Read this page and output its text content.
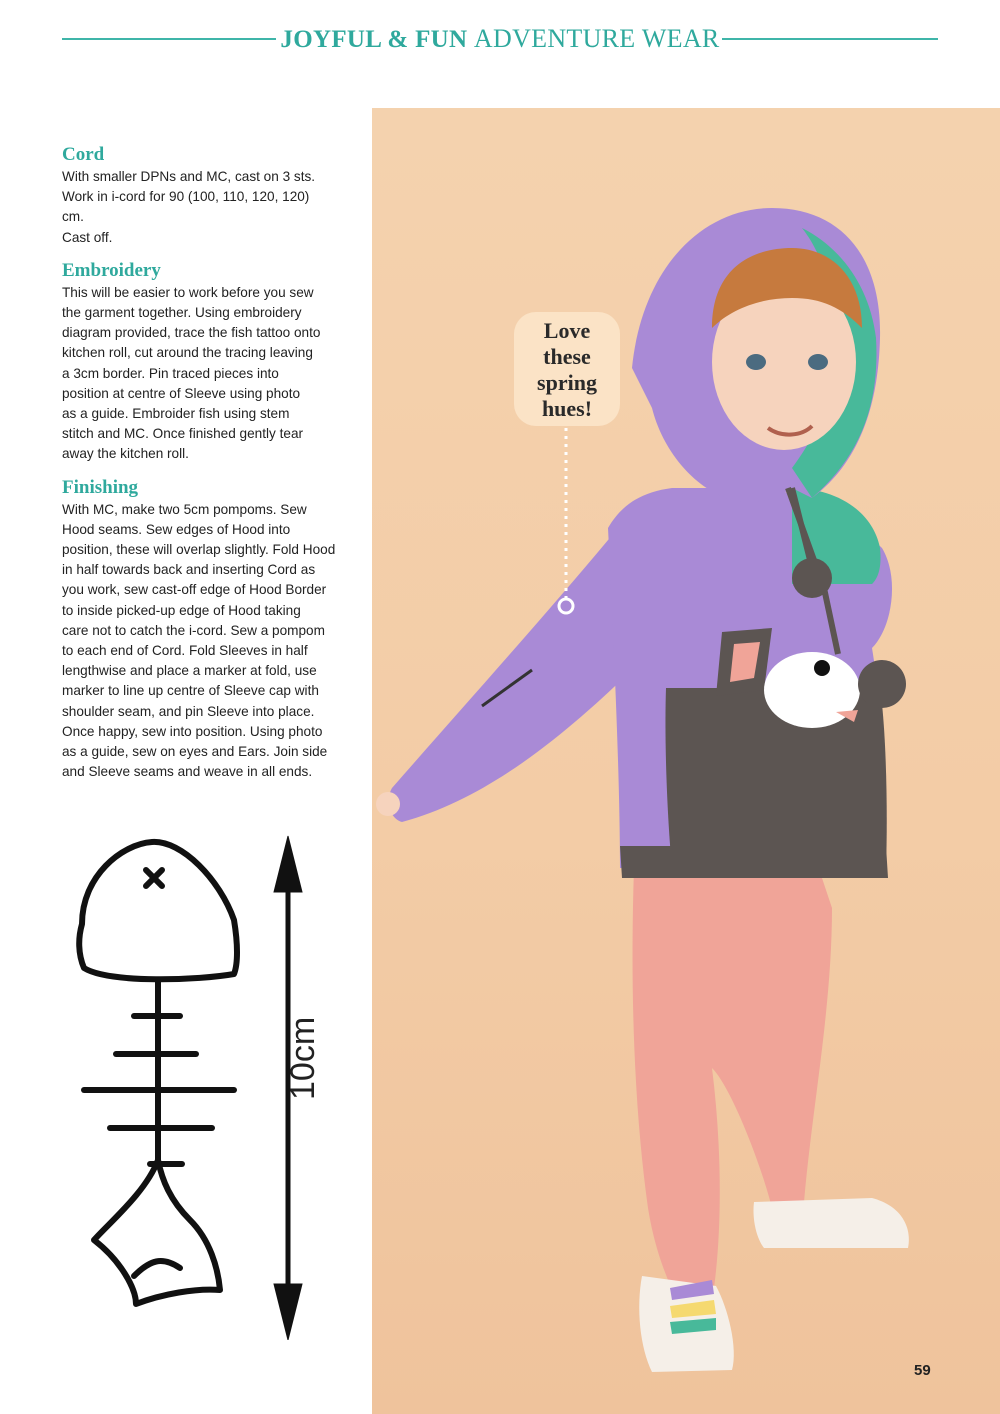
JOYFUL & FUN ADVENTURE WEAR
Cord

With smaller DPNs and MC, cast on 3 sts.
Work in i-cord for 90 (100, 110, 120, 120)
cm.
Cast off.

Embroidery

This will be easier to work before you sew
the garment together. Using embroidery
diagram provided, trace the fish tattoo onto
kitchen roll, cut around the tracing leaving
a 3cm border. Pin traced pieces into
position at centre of Sleeve using photo
as a guide. Embroider fish using stem
stitch and MC. Once finished gently tear
away the kitchen roll.

Finishing

With MC, make two 5cm pompoms. Sew
Hood seams. Sew edges of Hood into
position, these will overlap slightly. Fold Hood
in half towards back and inserting Cord as
you work, sew cast-off edge of Hood Border
to inside picked-up edge of Hood taking
care not to catch the i-cord. Sew a pompom
to each end of Cord. Fold Sleeves in half
lengthwise and place a marker at fold, use
marker to line up centre of Sleeve cap with
shoulder seam, and pin Sleeve into place.
Once happy, sew into position. Using photo
as a guide, sew on eyes and Ears. Join side
and Sleeve seams and weave in all ends.

10cm
Love
these
spring
hues!
59
